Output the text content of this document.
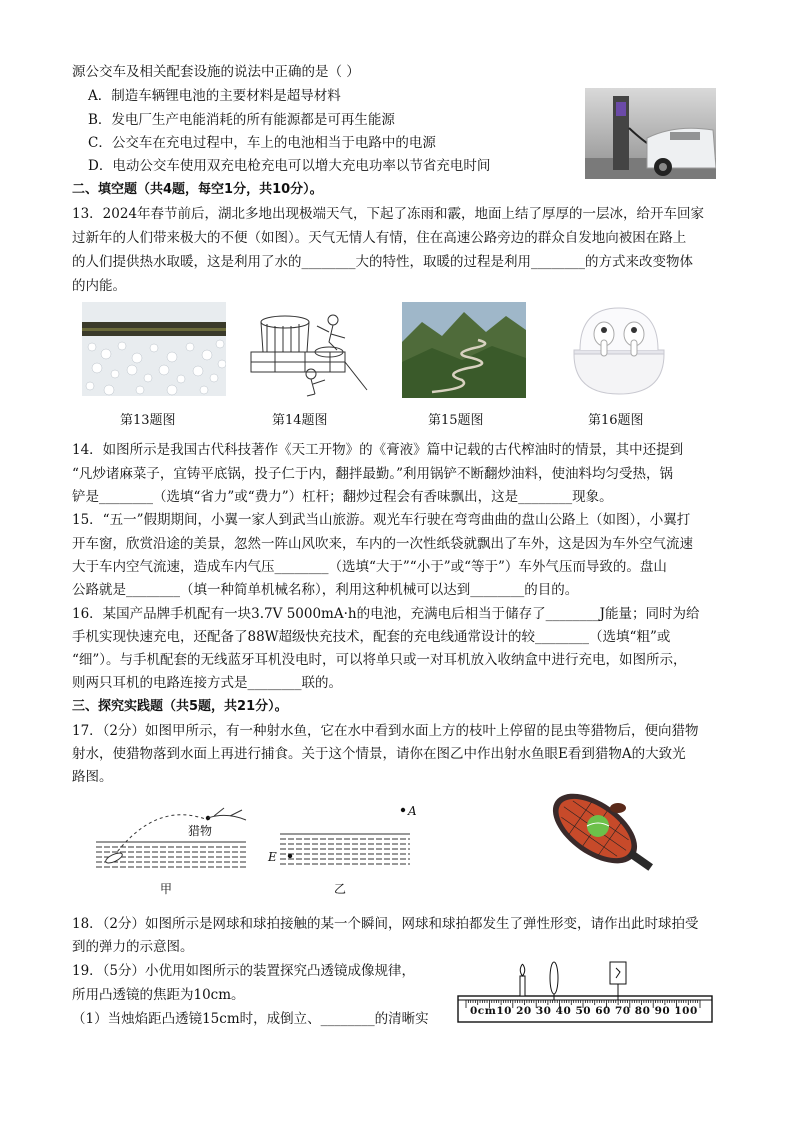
源公交车及相关配套设施的说法中正确的是（ ）
A．制造车辆锂电池的主要材料是超导材料
B．发电厂生产电能消耗的所有能源都是可再生能源
C．公交车在充电过程中，车上的电池相当于电路中的电源
D．电动公交车使用双充电枪充电可以增大充电功率以节省充电时间
二、填空题（共4题，每空1分，共10分）。
13．2024年春节前后，湖北多地出现极端天气，下起了冻雨和霰，地面上结了厚厚的一层冰，给开车回家
过新年的人们带来极大的不便（如图）。天气无情人有情，住在高速公路旁边的群众自发地向被困在路上
的人们提供热水取暖，这是利用了水的________大的特性，取暖的过程是利用________的方式来改变物体
的内能。
第13题图	第14题图	第15题图	第16题图
14．如图所示是我国古代科技著作《天工开物》的《膏液》篇中记载的古代榨油时的情景，其中还提到
“凡炒诸麻菜子，宜铸平底锅，投子仁于内，翻拌最勤。”利用锅铲不断翻炒油料，使油料均匀受热，锅
铲是________（选填“省力”或“费力”）杠杆；翻炒过程会有香味飘出，这是________现象。
15．“五一”假期期间，小翼一家人到武当山旅游。观光车行驶在弯弯曲曲的盘山公路上（如图），小翼打
开车窗，欣赏沿途的美景，忽然一阵山风吹来，车内的一次性纸袋就飘出了车外，这是因为车外空气流速
大于车内空气流速，造成车内气压________（选填“大于”“小于”或“等于”）车外气压而导致的。盘山
公路就是________（填一种简单机械名称），利用这种机械可以达到________的目的。
16．某国产品牌手机配有一块3.7V 5000mA·h的电池，充满电后相当于储存了________J能量；同时为给
手机实现快速充电，还配备了88W超级快充技术，配套的充电线通常设计的较________（选填“粗”或
“细”）。与手机配套的无线蓝牙耳机没电时，可以将单只或一对耳机放入收纳盒中进行充电，如图所示，
则两只耳机的电路连接方式是________联的。
三、探究实践题（共5题，共21分）。
17．（2分）如图甲所示，有一种射水鱼，它在水中看到水面上方的枝叶上停留的昆虫等猎物后，便向猎物
射水，使猎物落到水面上再进行捕食。关于这个情景，请你在图乙中作出射水鱼眼E看到猎物A的大致光
路图。
猎物
甲
A
E
乙
18．（2分）如图所示是网球和球拍接触的某一个瞬间，网球和球拍都发生了弹性形变，请作出此时球拍受
到的弹力的示意图。
19．（5分）小优用如图所示的装置探究凸透镜成像规律，
所用凸透镜的焦距为10cm。
（1）当烛焰距凸透镜15cm时，成倒立、________的清晰实	0cm10 20 30 40 50 60 70 80 90 100
